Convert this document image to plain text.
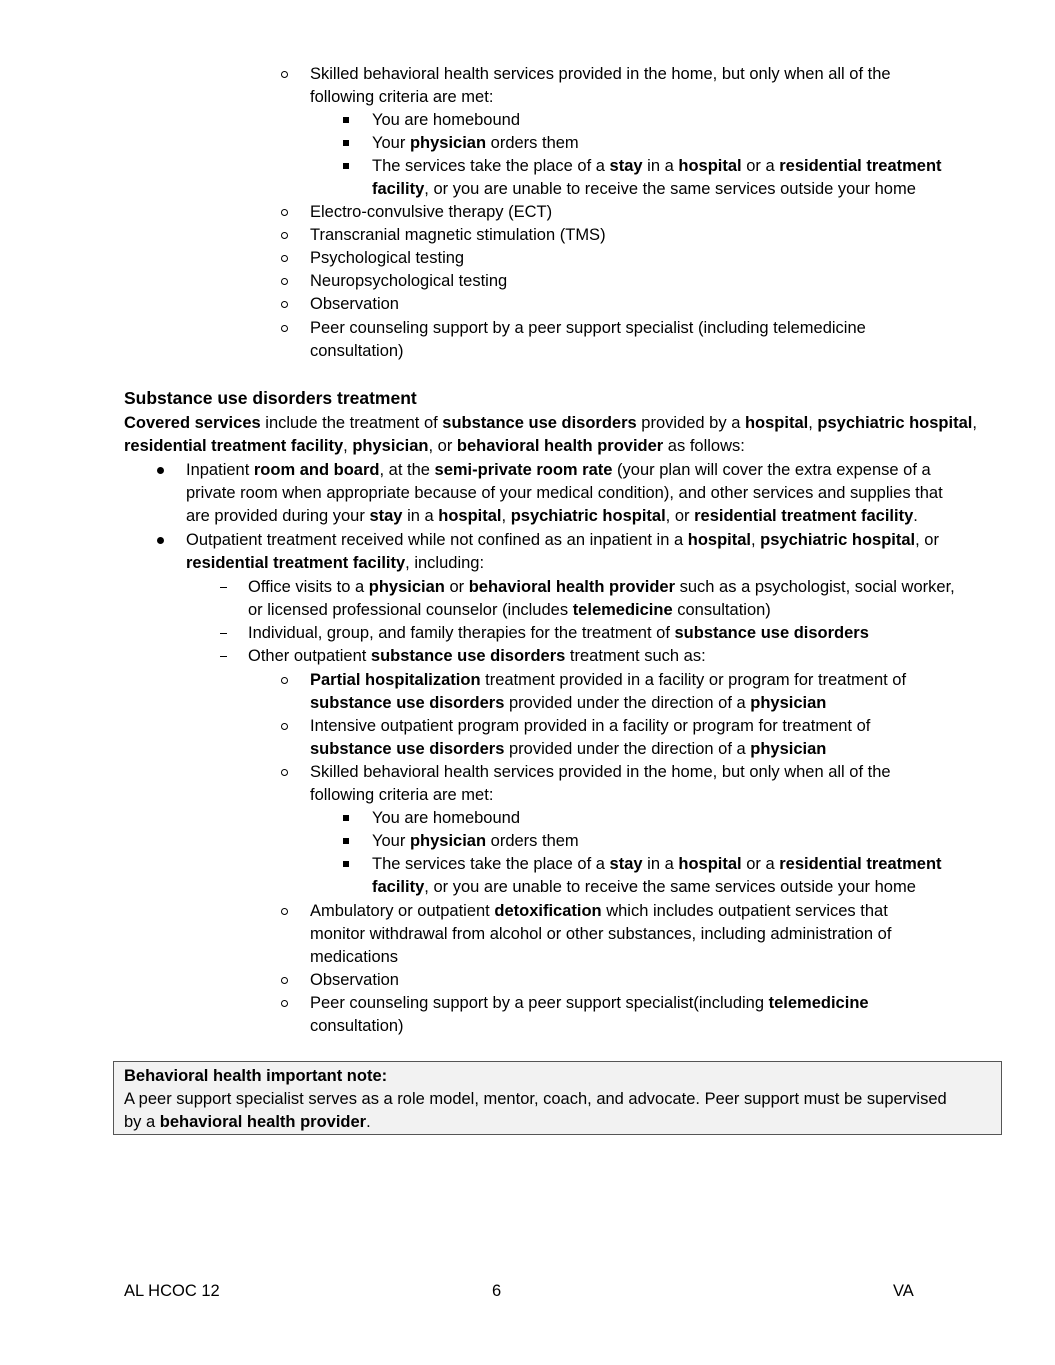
Skilled behavioral health services provided in the home, but only when all of the
following criteria are met:
You are homebound
Your physician orders them
The services take the place of a stay in a hospital or a residential treatment
facility, or you are unable to receive the same services outside your home
Electro-convulsive therapy (ECT)
Transcranial magnetic stimulation (TMS)
Psychological testing
Neuropsychological testing
Observation
Peer counseling support by a peer support specialist (including telemedicine
consultation)
Substance use disorders treatment
Covered services include the treatment of substance use disorders provided by a hospital, psychiatric hospital,
residential treatment facility, physician, or behavioral health provider as follows:
Inpatient room and board, at the semi-private room rate (your plan will cover the extra expense of a
private room when appropriate because of your medical condition), and other services and supplies that
are provided during your stay in a hospital, psychiatric hospital, or residential treatment facility.
Outpatient treatment received while not confined as an inpatient in a hospital, psychiatric hospital, or
residential treatment facility, including:
Office visits to a physician or behavioral health provider such as a psychologist, social worker,
or licensed professional counselor (includes telemedicine consultation)
Individual, group, and family therapies for the treatment of substance use disorders
Other outpatient substance use disorders treatment such as:
Partial hospitalization treatment provided in a facility or program for treatment of
substance use disorders provided under the direction of a physician
Intensive outpatient program provided in a facility or program for treatment of
substance use disorders provided under the direction of a physician
Skilled behavioral health services provided in the home, but only when all of the
following criteria are met:
You are homebound
Your physician orders them
The services take the place of a stay in a hospital or a residential treatment
facility, or you are unable to receive the same services outside your home
Ambulatory or outpatient detoxification which includes outpatient services that
monitor withdrawal from alcohol or other substances, including administration of
medications
Observation
Peer counseling support by a peer support specialist(including telemedicine
consultation)
Behavioral health important note:
A peer support specialist serves as a role model, mentor, coach, and advocate. Peer support must be supervised
by a behavioral health provider.
AL HCOC 12	6	VA
